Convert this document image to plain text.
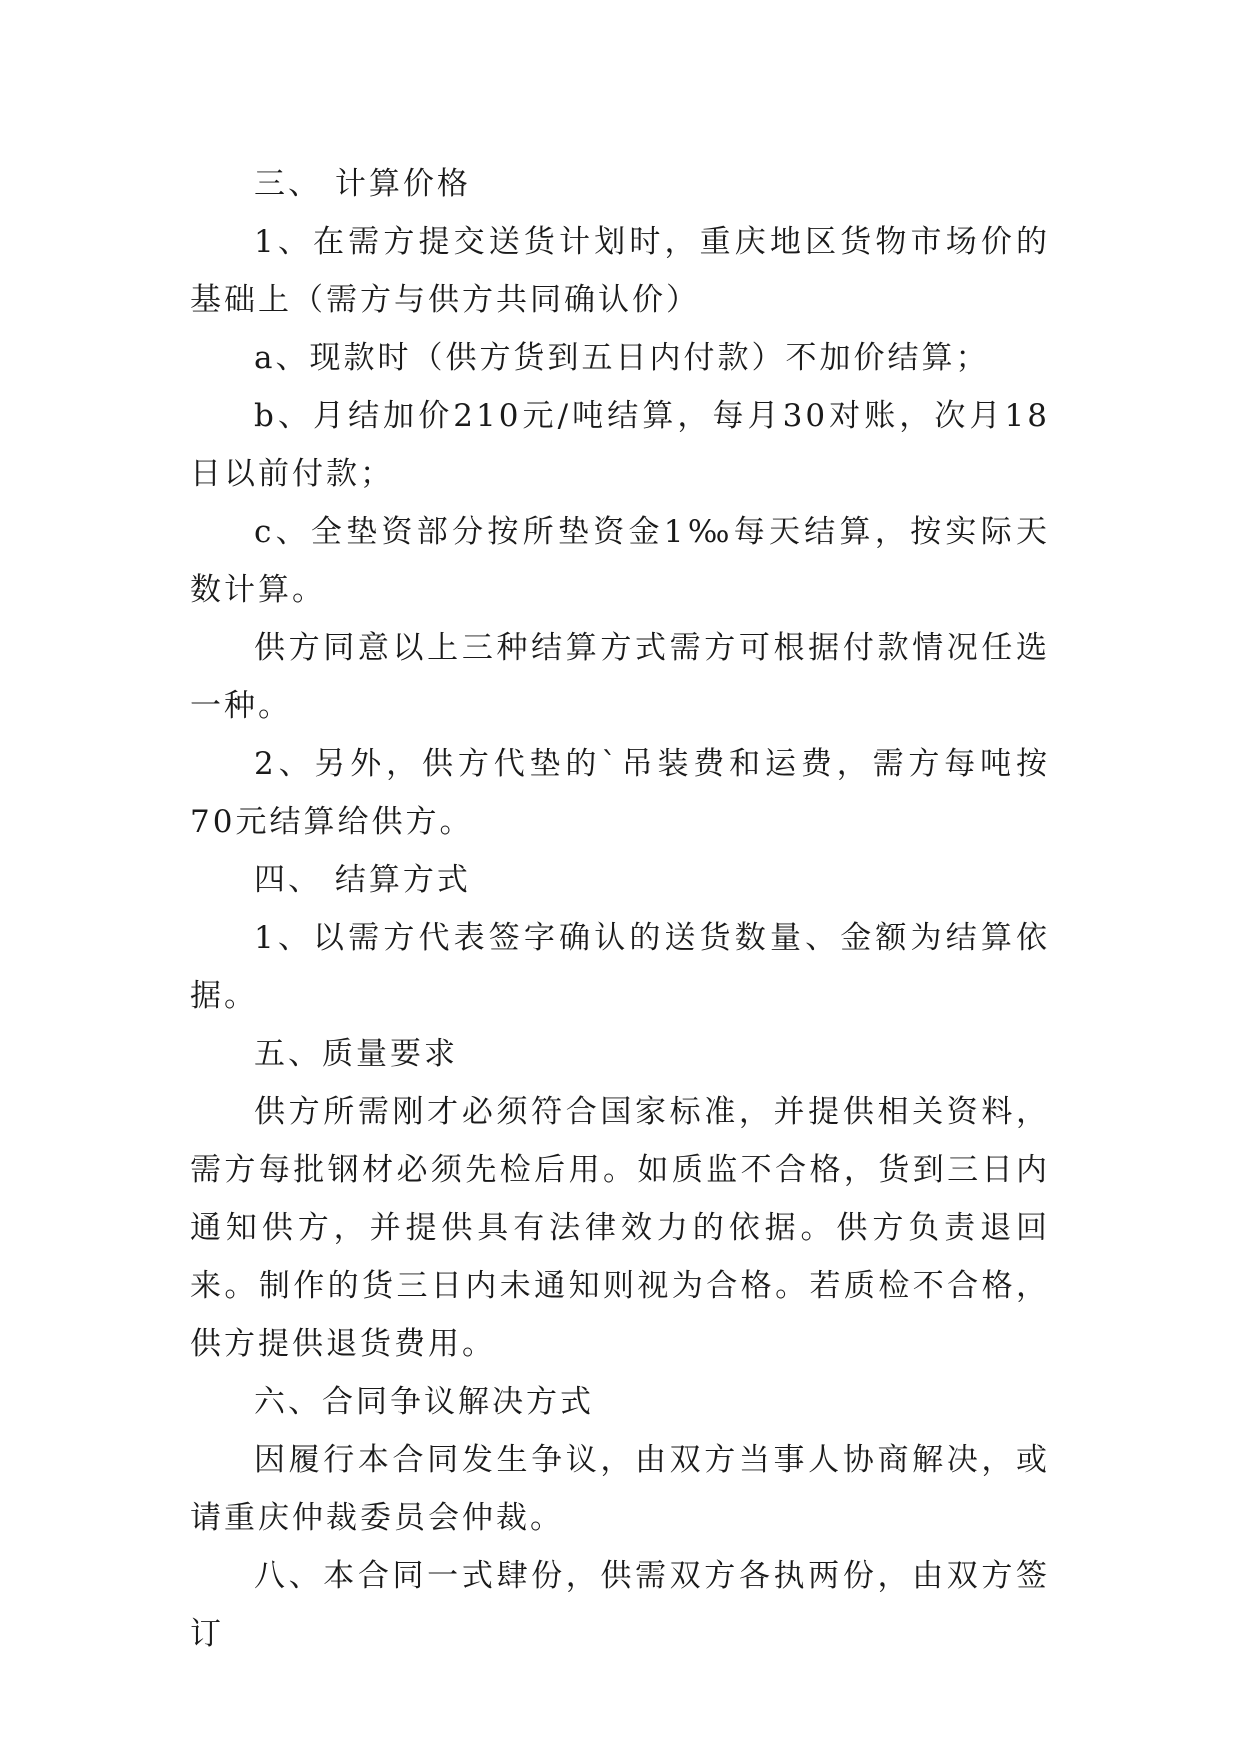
三、 计算价格

1、在需方提交送货计划时，重庆地区货物市场价的基础上（需方与供方共同确认价）

a、现款时（供方货到五日内付款）不加价结算；

b、月结加价210元/吨结算，每月30对账，次月18日以前付款；

c、全垫资部分按所垫资金1‰每天结算，按实际天数计算。

供方同意以上三种结算方式需方可根据付款情况任选一种。

2、另外，供方代垫的`吊装费和运费，需方每吨按70元结算给供方。

四、 结算方式

1、以需方代表签字确认的送货数量、金额为结算依据。

五、质量要求

供方所需刚才必须符合国家标准，并提供相关资料，需方每批钢材必须先检后用。如质监不合格，货到三日内通知供方，并提供具有法律效力的依据。供方负责退回来。制作的货三日内未通知则视为合格。若质检不合格，供方提供退货费用。

六、合同争议解决方式

因履行本合同发生争议，由双方当事人协商解决，或请重庆仲裁委员会仲裁。

八、本合同一式肆份，供需双方各执两份，由双方签订
